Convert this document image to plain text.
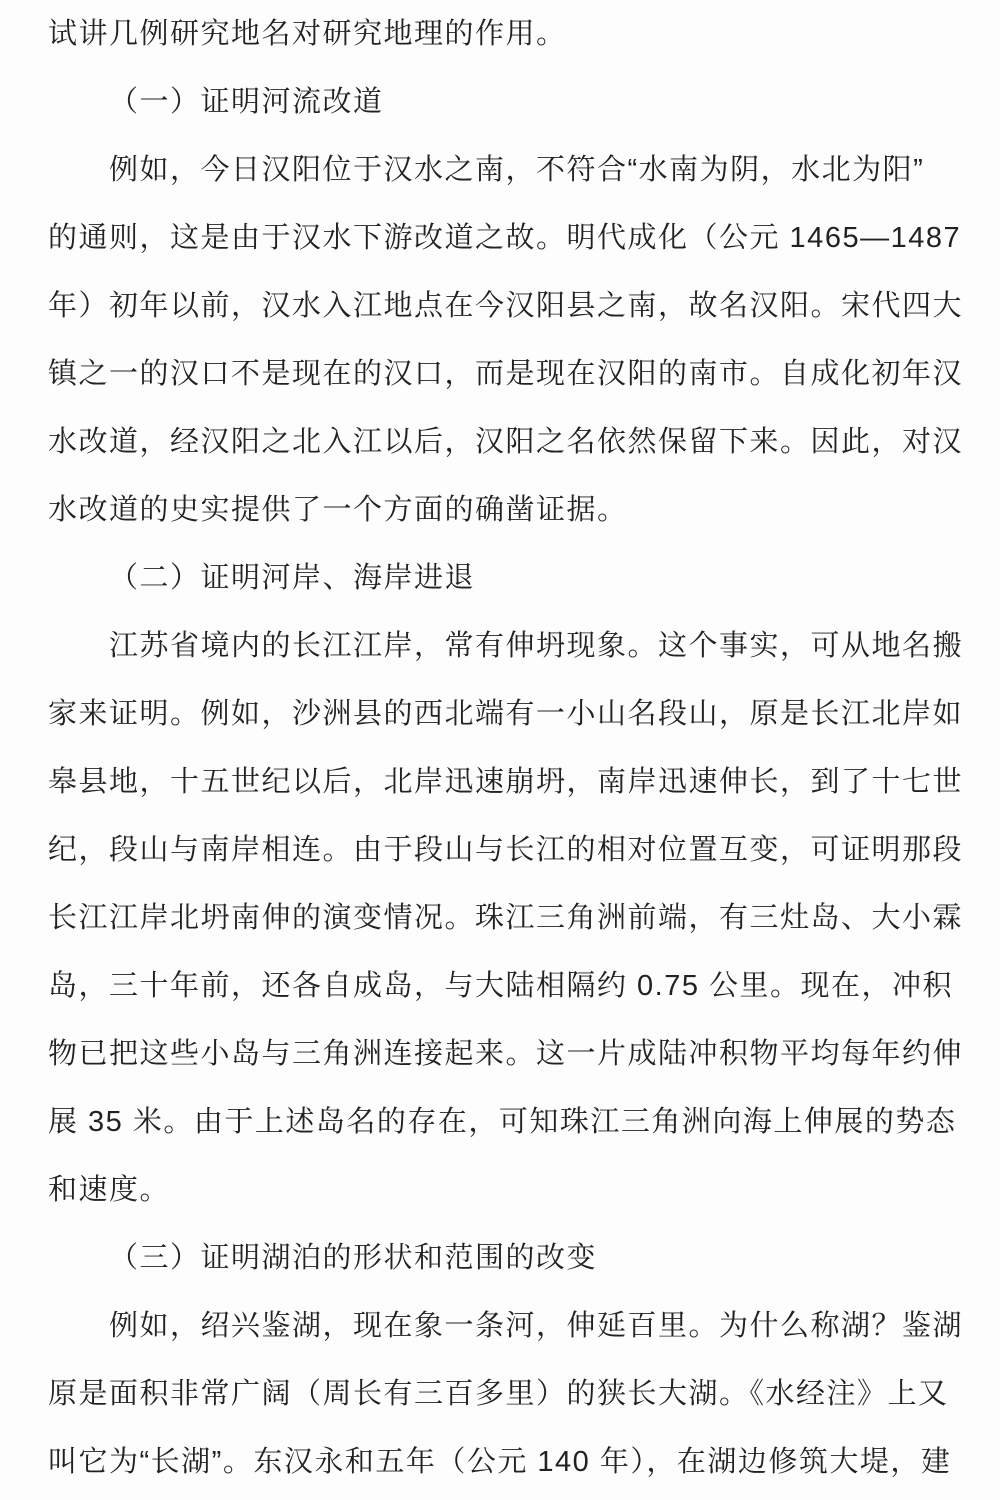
试讲几例研究地名对研究地理的作用。
（一）证明河流改道
例如，今日汉阳位于汉水之南，不符合“水南为阴，水北为阳”
的通则，这是由于汉水下游改道之故。明代成化（公元 1465—1487
年）初年以前，汉水入江地点在今汉阳县之南，故名汉阳。宋代四大
镇之一的汉口不是现在的汉口，而是现在汉阳的南市。自成化初年汉
水改道，经汉阳之北入江以后，汉阳之名依然保留下来。因此，对汉
水改道的史实提供了一个方面的确凿证据。
（二）证明河岸、海岸进退
江苏省境内的长江江岸，常有伸坍现象。这个事实，可从地名搬
家来证明。例如，沙洲县的西北端有一小山名段山，原是长江北岸如
皋县地，十五世纪以后，北岸迅速崩坍，南岸迅速伸长，到了十七世
纪，段山与南岸相连。由于段山与长江的相对位置互变，可证明那段
长江江岸北坍南伸的演变情况。珠江三角洲前端，有三灶岛、大小霖
岛，三十年前，还各自成岛，与大陆相隔约 0.75 公里。现在，冲积
物已把这些小岛与三角洲连接起来。这一片成陆冲积物平均每年约伸
展 35 米。由于上述岛名的存在，可知珠江三角洲向海上伸展的势态
和速度。
（三）证明湖泊的形状和范围的改变
例如，绍兴鉴湖，现在象一条河，伸延百里。为什么称湖？鉴湖
原是面积非常广阔（周长有三百多里）的狭长大湖。《水经注》上又
叫它为“长湖”。东汉永和五年（公元 140 年），在湖边修筑大堤，建
